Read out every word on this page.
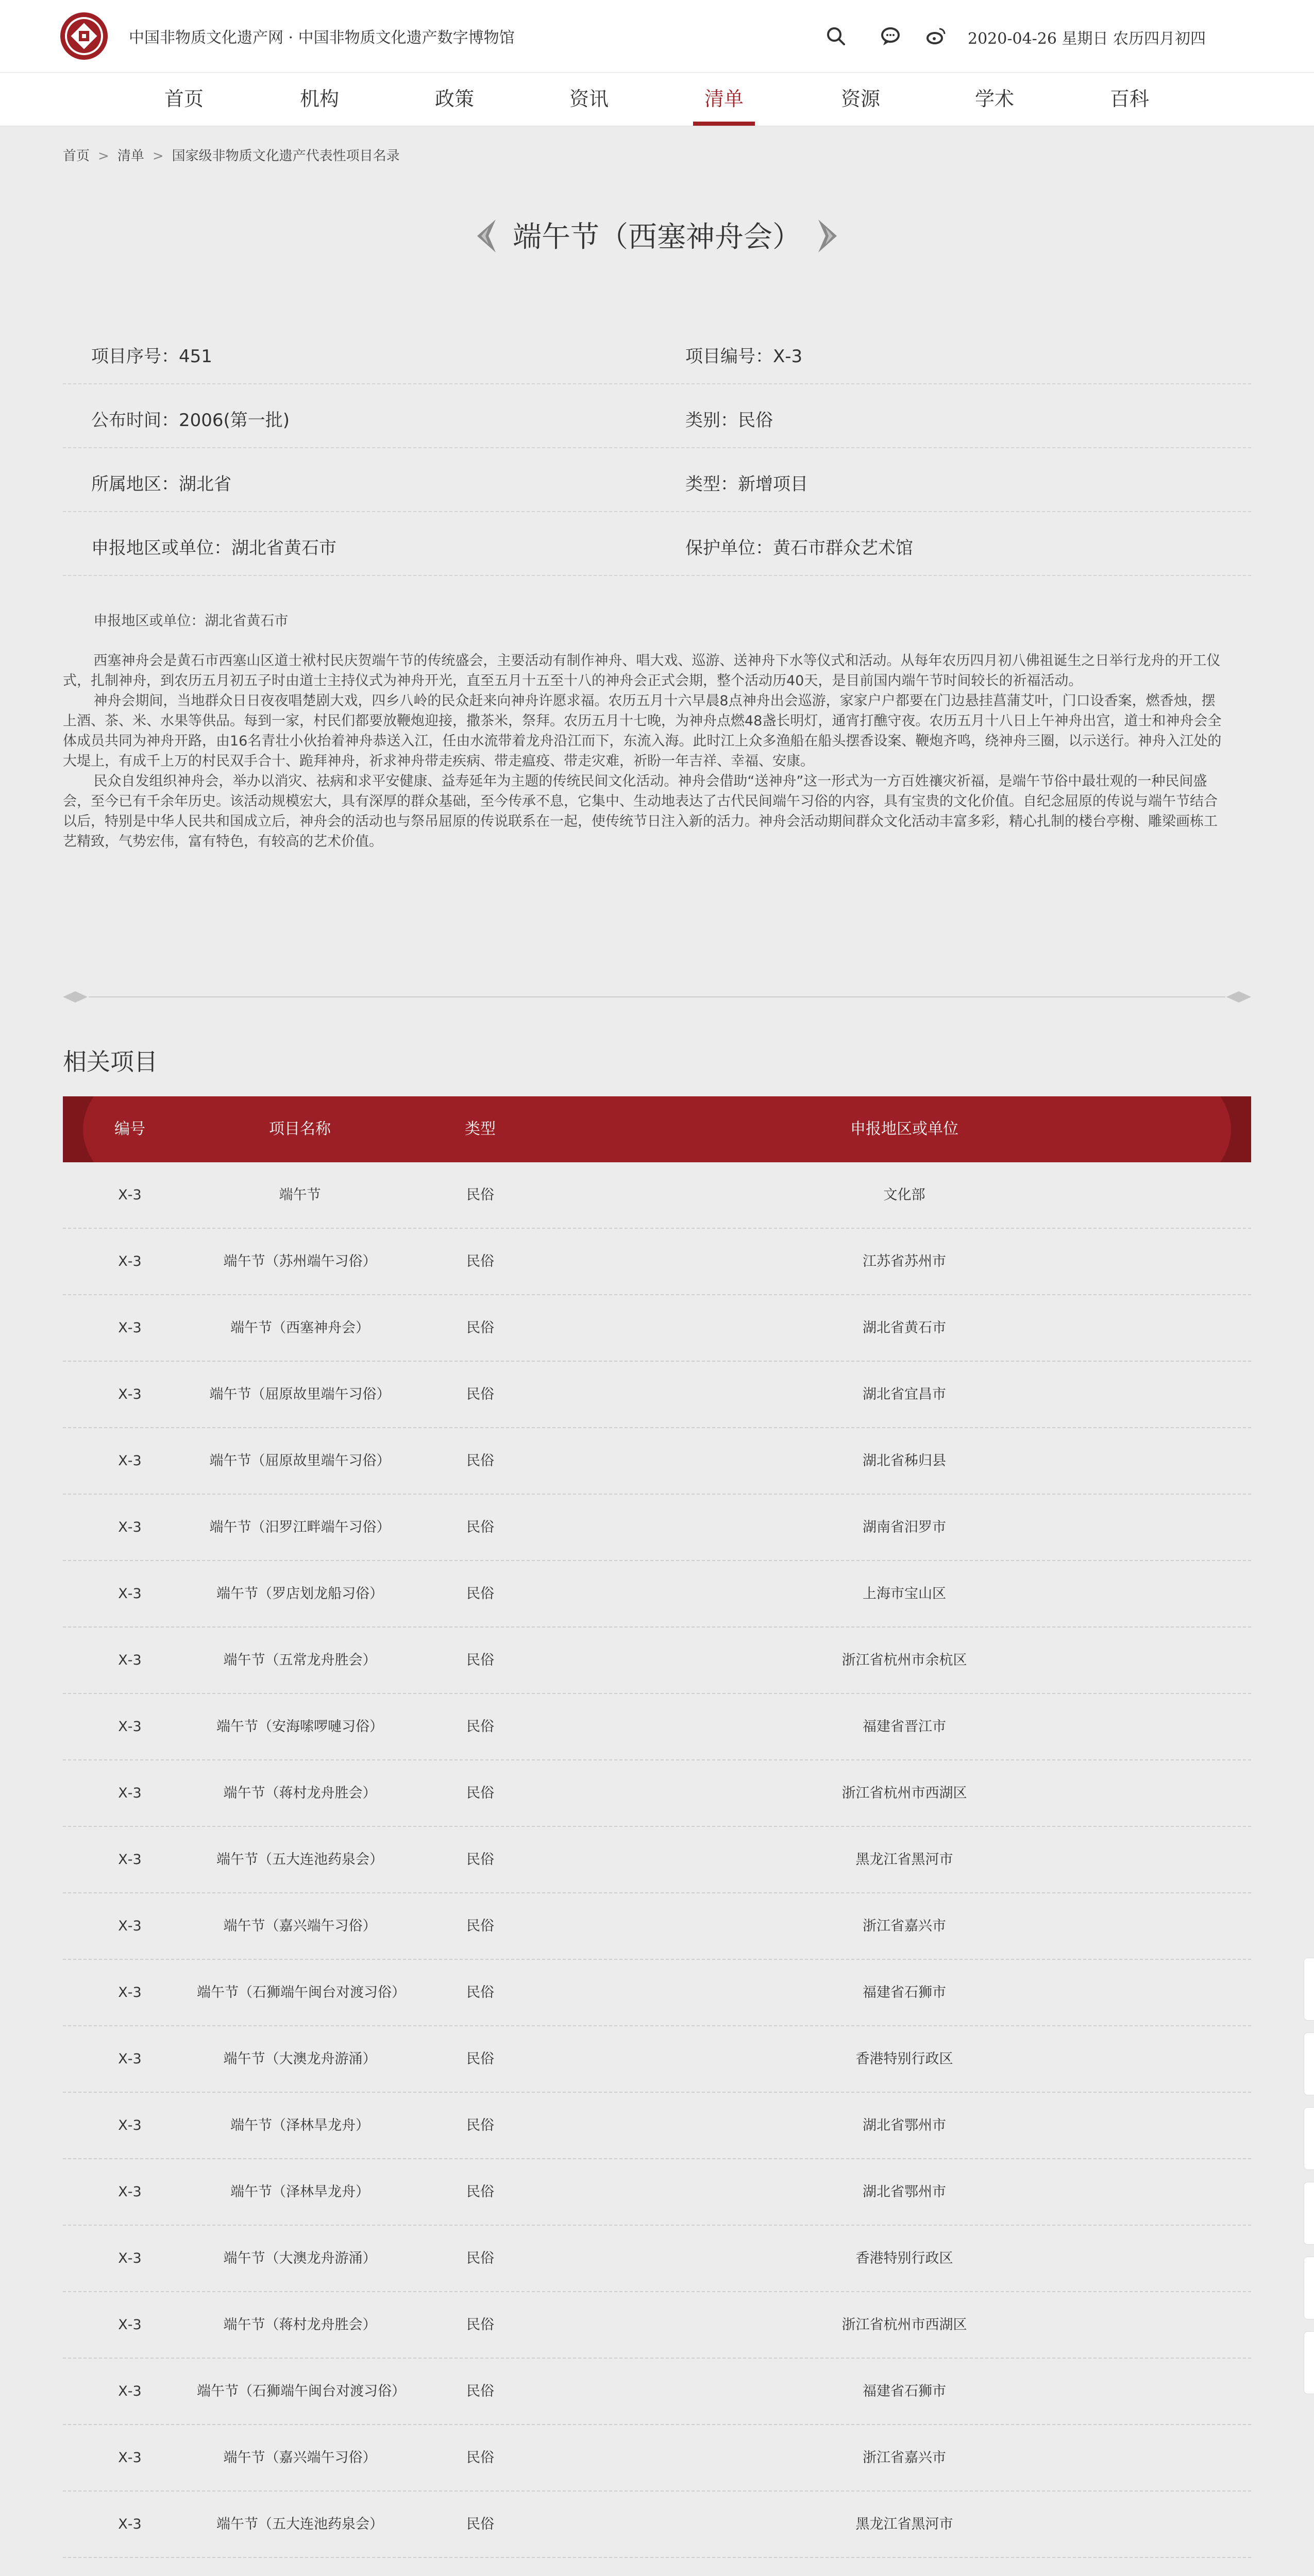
中国非物质文化遗产网 · 中国非物质文化遗产数字博物馆	2020-04-26 星期日 农历四月初四
首页	机构	政策	资讯	清单	资源	学术	百科
首页 > 清单 > 国家级非物质文化遗产代表性项目名录
端午节（西塞神舟会）
项目序号：451	项目编号：Ⅹ-3
公布时间：2006(第一批)	类别：民俗
所属地区：湖北省	类型：新增项目
申报地区或单位：湖北省黄石市	保护单位：黄石市群众艺术馆

申报地区或单位：湖北省黄石市

西塞神舟会是黄石市西塞山区道士袱村民庆贺端午节的传统盛会，主要活动有制作神舟、唱大戏、巡游、送神舟下水等仪式和活动。从每年农历四月初八佛祖诞生之日举行龙舟的开工仪式，扎制神舟，到农历五月初五子时由道士主持仪式为神舟开光，直至五月十五至十八的神舟会正式会期，整个活动历40天，是目前国内端午节时间较长的祈福活动。

神舟会期间，当地群众日日夜夜唱楚剧大戏，四乡八岭的民众赶来向神舟许愿求福。农历五月十六早晨8点神舟出会巡游，家家户户都要在门边悬挂菖蒲艾叶，门口设香案，燃香烛，摆上酒、茶、米、水果等供品。每到一家，村民们都要放鞭炮迎接，撒茶米，祭拜。农历五月十七晚，为神舟点燃48盏长明灯，通宵打醮守夜。农历五月十八日上午神舟出宫，道士和神舟会全体成员共同为神舟开路，由16名青壮小伙抬着神舟恭送入江，任由水流带着龙舟沿江而下，东流入海。此时江上众多渔船在船头摆香设案、鞭炮齐鸣，绕神舟三圈，以示送行。神舟入江处的大堤上，有成千上万的村民双手合十、跪拜神舟，祈求神舟带走疾病、带走瘟疫、带走灾难，祈盼一年吉祥、幸福、安康。

民众自发组织神舟会，举办以消灾、祛病和求平安健康、益寿延年为主题的传统民间文化活动。神舟会借助“送神舟”这一形式为一方百姓禳灾祈福，是端午节俗中最壮观的一种民间盛会，至今已有千余年历史。该活动规模宏大，具有深厚的群众基础，至今传承不息，它集中、生动地表达了古代民间端午习俗的内容，具有宝贵的文化价值。自纪念屈原的传说与端午节结合以后，特别是中华人民共和国成立后，神舟会的活动也与祭吊屈原的传说联系在一起，使传统节日注入新的活力。神舟会活动期间群众文化活动丰富多彩，精心扎制的楼台亭榭、雕梁画栋工艺精致，气势宏伟，富有特色，有较高的艺术价值。

相关项目
编号	项目名称	类型	申报地区或单位
Ⅹ-3	端午节	民俗	文化部
Ⅹ-3	端午节（苏州端午习俗）	民俗	江苏省苏州市
Ⅹ-3	端午节（西塞神舟会）	民俗	湖北省黄石市
Ⅹ-3	端午节（屈原故里端午习俗）	民俗	湖北省宜昌市
Ⅹ-3	端午节（屈原故里端午习俗）	民俗	湖北省秭归县
Ⅹ-3	端午节（汨罗江畔端午习俗）	民俗	湖南省汨罗市
Ⅹ-3	端午节（罗店划龙船习俗）	民俗	上海市宝山区
Ⅹ-3	端午节（五常龙舟胜会）	民俗	浙江省杭州市余杭区
Ⅹ-3	端午节（安海嗦啰嗹习俗）	民俗	福建省晋江市
Ⅹ-3	端午节（蒋村龙舟胜会）	民俗	浙江省杭州市西湖区
Ⅹ-3	端午节（五大连池药泉会）	民俗	黑龙江省黑河市
Ⅹ-3	端午节（嘉兴端午习俗）	民俗	浙江省嘉兴市
Ⅹ-3	端午节（石狮端午闽台对渡习俗）	民俗	福建省石狮市
Ⅹ-3	端午节（大澳龙舟游涌）	民俗	香港特别行政区
Ⅹ-3	端午节（泽林旱龙舟）	民俗	湖北省鄂州市
Ⅹ-3	端午节（泽林旱龙舟）	民俗	湖北省鄂州市
Ⅹ-3	端午节（大澳龙舟游涌）	民俗	香港特别行政区
Ⅹ-3	端午节（蒋村龙舟胜会）	民俗	浙江省杭州市西湖区
Ⅹ-3	端午节（石狮端午闽台对渡习俗）	民俗	福建省石狮市
Ⅹ-3	端午节（嘉兴端午习俗）	民俗	浙江省嘉兴市
Ⅹ-3	端午节（五大连池药泉会）	民俗	黑龙江省黑河市
